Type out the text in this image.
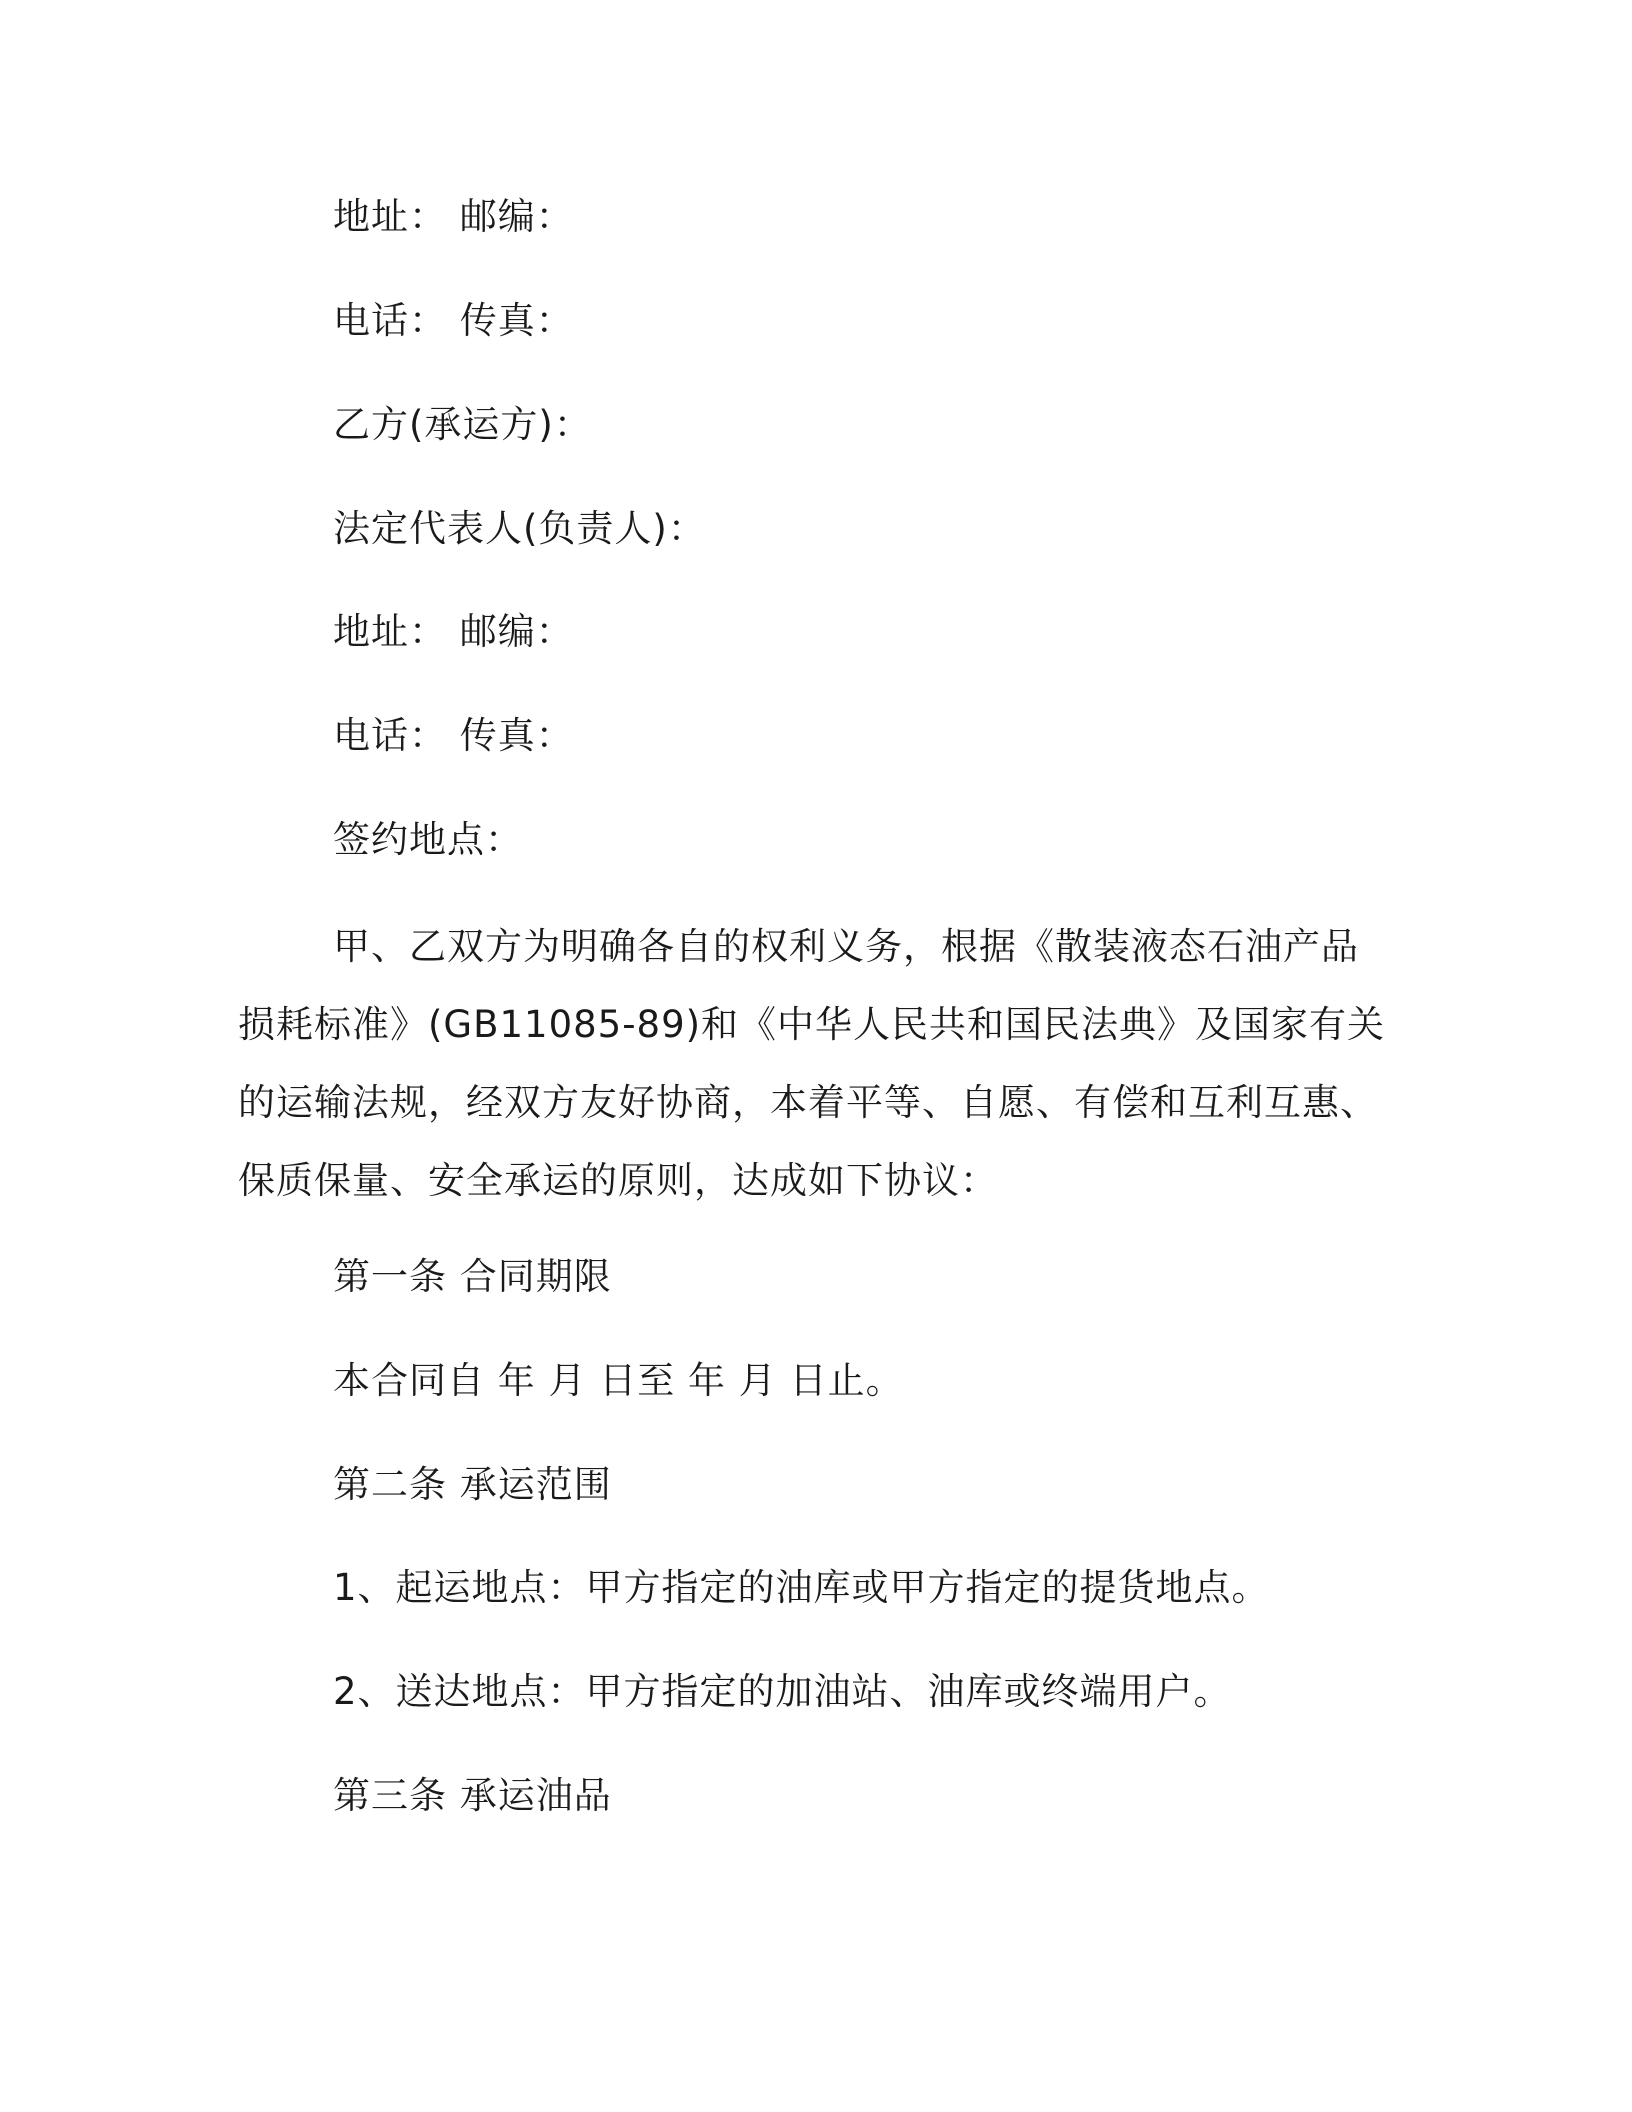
地址： 邮编：
电话： 传真：
乙方(承运方)：
法定代表人(负责人)：
地址： 邮编：
电话： 传真：
签约地点：
甲、乙双方为明确各自的权利义务，根据《散装液态石油产品损耗标准》(GB11085-89)和《中华人民共和国民法典》及国家有关的运输法规，经双方友好协商，本着平等、自愿、有偿和互利互惠、保质保量、安全承运的原则，达成如下协议：
第一条 合同期限
本合同自 年 月 日至 年 月 日止。
第二条 承运范围
1、起运地点：甲方指定的油库或甲方指定的提货地点。
2、送达地点：甲方指定的加油站、油库或终端用户。
第三条 承运油品
